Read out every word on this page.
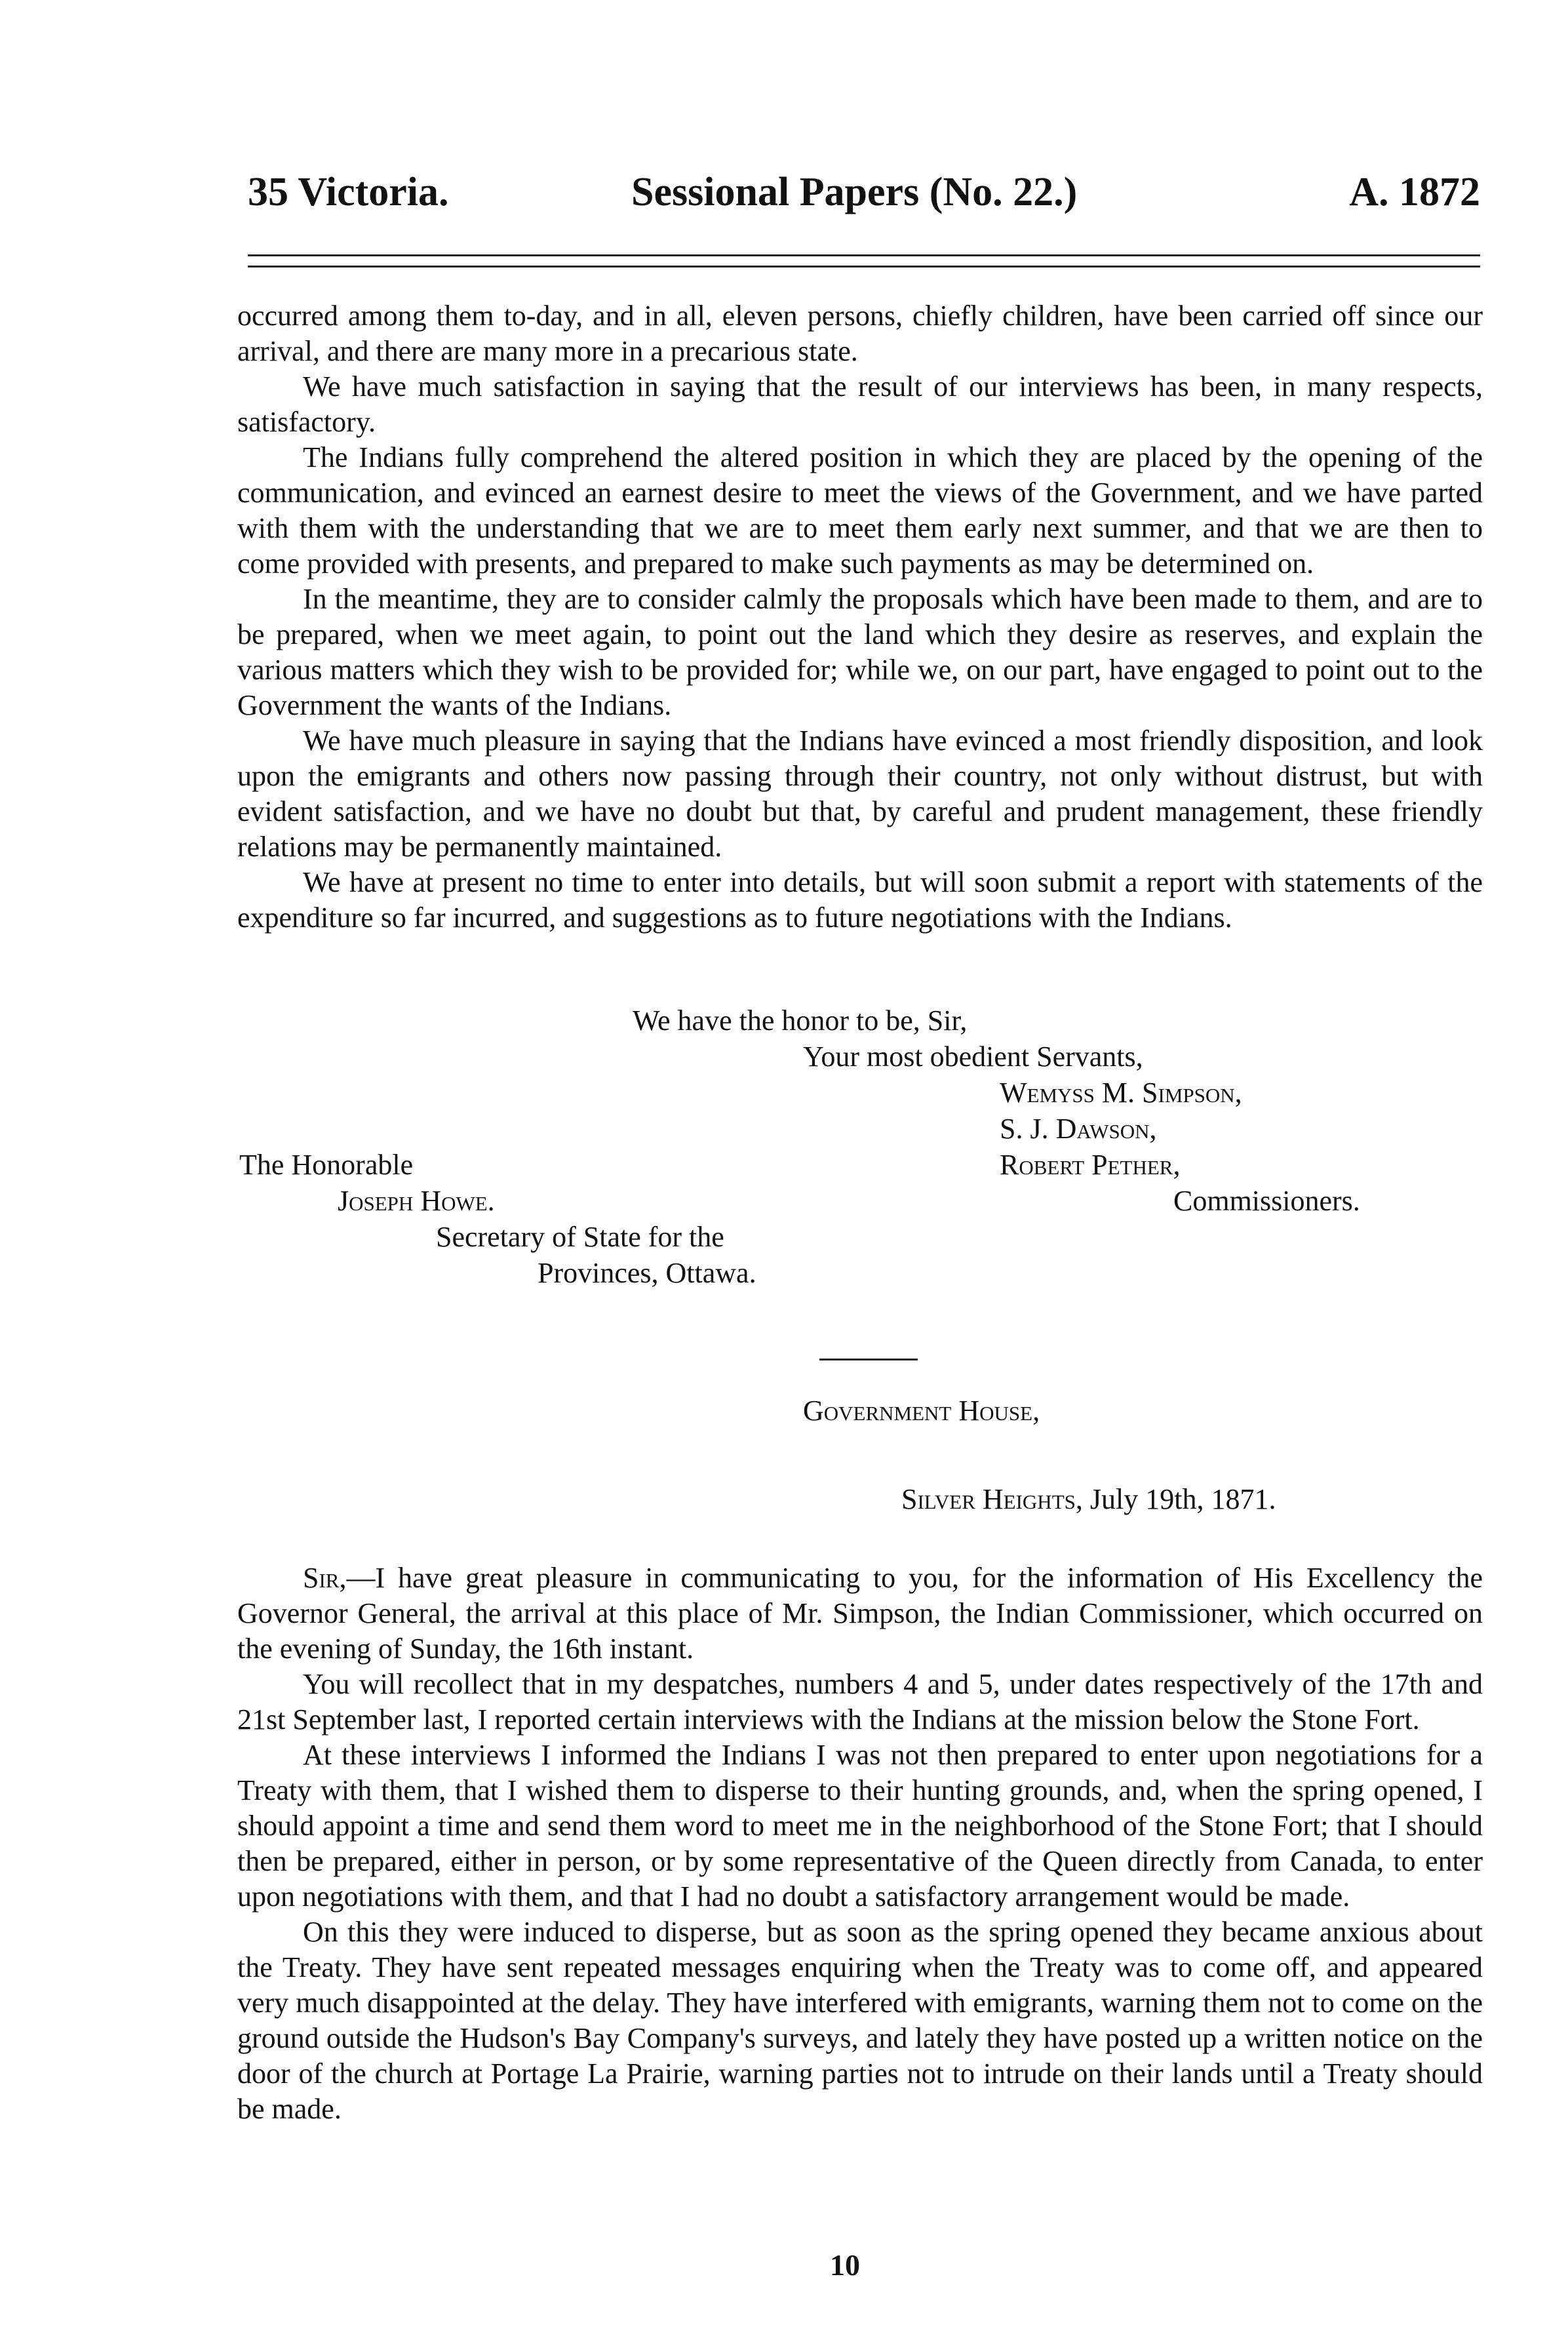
35 Victoria.	Sessional Papers (No. 22.)	A. 1872

occurred among them to-day, and in all, eleven persons, chiefly children, have been carried off since our arrival, and there are many more in a precarious state.

We have much satisfaction in saying that the result of our interviews has been, in many respects, satisfactory.

The Indians fully comprehend the altered position in which they are placed by the opening of the communication, and evinced an earnest desire to meet the views of the Government, and we have parted with them with the understanding that we are to meet them early next summer, and that we are then to come provided with presents, and prepared to make such payments as may be determined on.

In the meantime, they are to consider calmly the proposals which have been made to them, and are to be prepared, when we meet again, to point out the land which they desire as reserves, and explain the various matters which they wish to be provided for; while we, on our part, have engaged to point out to the Government the wants of the Indians.

We have much pleasure in saying that the Indians have evinced a most friendly disposition, and look upon the emigrants and others now passing through their country, not only without distrust, but with evident satisfaction, and we have no doubt but that, by careful and prudent management, these friendly relations may be permanently maintained.

We have at present no time to enter into details, but will soon submit a report with statements of the expenditure so far incurred, and suggestions as to future negotiations with the Indians.

We have the honor to be, Sir,
Your most obedient Servants,
Wemyss M. Simpson,
S. J. Dawson,
Robert Pether,
Commissioners.
The Honorable
Joseph Howe.
Secretary of State for the
Provinces, Ottawa.
Government House,
Silver Heights, July 19th, 1871.

Sir,—I have great pleasure in communicating to you, for the information of His Excellency the Governor General, the arrival at this place of Mr. Simpson, the Indian Commissioner, which occurred on the evening of Sunday, the 16th instant.

You will recollect that in my despatches, numbers 4 and 5, under dates respectively of the 17th and 21st September last, I reported certain interviews with the Indians at the mission below the Stone Fort.

At these interviews I informed the Indians I was not then prepared to enter upon negotiations for a Treaty with them, that I wished them to disperse to their hunting grounds, and, when the spring opened, I should appoint a time and send them word to meet me in the neighborhood of the Stone Fort; that I should then be prepared, either in person, or by some representative of the Queen directly from Canada, to enter upon negotiations with them, and that I had no doubt a satisfactory arrangement would be made.

On this they were induced to disperse, but as soon as the spring opened they became anxious about the Treaty. They have sent repeated messages enquiring when the Treaty was to come off, and appeared very much disappointed at the delay. They have interfered with emigrants, warning them not to come on the ground outside the Hudson's Bay Company's surveys, and lately they have posted up a written notice on the door of the church at Portage La Prairie, warning parties not to intrude on their lands until a Treaty should be made.

10
